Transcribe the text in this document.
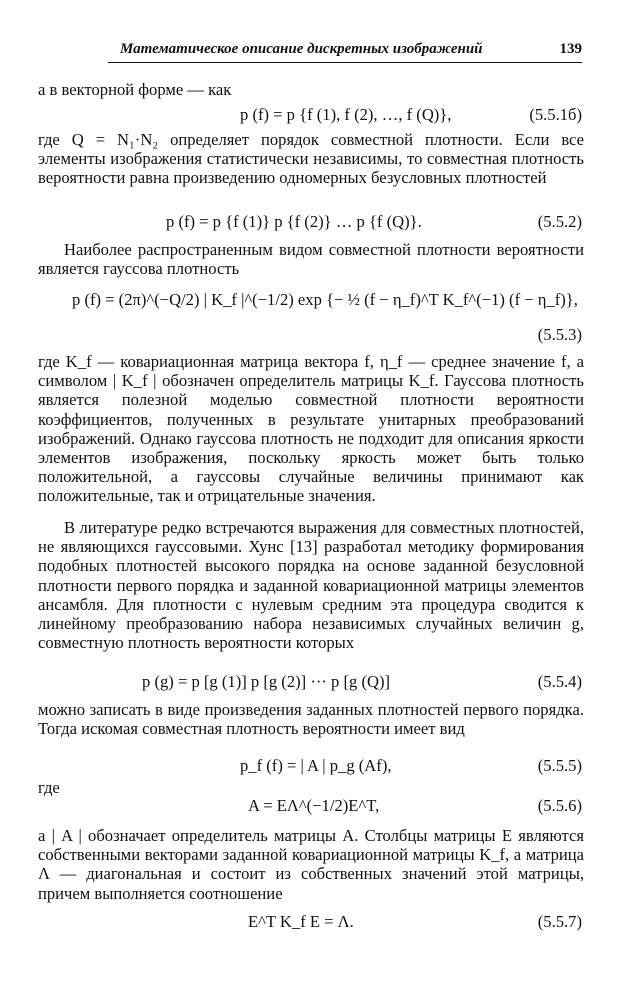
Математическое описание дискретных изображений	139

а в векторной форме — как

p (f) = p {f (1), f (2), …, f (Q)},	(5.5.1б)

где Q = N₁·N₂ определяет порядок совместной плотности. Если все элементы изображения статистически независимы, то совместная плотность вероятности равна произведению одномерных безусловных плотностей

p (f) = p {f (1)} p {f (2)} … p {f (Q)}.	(5.5.2)

Наиболее распространенным видом совместной плотности вероятности является гауссова плотность

p (f) = (2π)^(−Q/2) | K_f |^(−1/2) exp {− ½ (f − η_f)^T K_f^(−1) (f − η_f)},
(5.5.3)

где K_f — ковариационная матрица вектора f, η_f — среднее значение f, а символом | K_f | обозначен определитель матрицы K_f. Гауссова плотность является полезной моделью совместной плотности вероятности коэффициентов, полученных в результате унитарных преобразований изображений. Однако гауссова плотность не подходит для описания яркости элементов изображения, поскольку яркость может быть только положительной, а гауссовы случайные величины принимают как положительные, так и отрицательные значения.

В литературе редко встречаются выражения для совместных плотностей, не являющихся гауссовыми. Хунс [13] разработал методику формирования подобных плотностей высокого порядка на основе заданной безусловной плотности первого порядка и заданной ковариационной матрицы элементов ансамбля. Для плотности с нулевым средним эта процедура сводится к линейному преобразованию набора независимых случайных величин g, совместную плотность вероятности которых

p (g) = p [g (1)] p [g (2)] ··· p [g (Q)]	(5.5.4)

можно записать в виде произведения заданных плотностей первого порядка. Тогда искомая совместная плотность вероятности имеет вид

p_f (f) = | A | p_g (Af),	(5.5.5)

где

A = EΛ^(−1/2)E^T,	(5.5.6)

а | A | обозначает определитель матрицы A. Столбцы матрицы E являются собственными векторами заданной ковариационной матрицы K_f, а матрица Λ — диагональная и состоит из собственных значений этой матрицы, причем выполняется соотношение

E^T K_f E = Λ.	(5.5.7)
